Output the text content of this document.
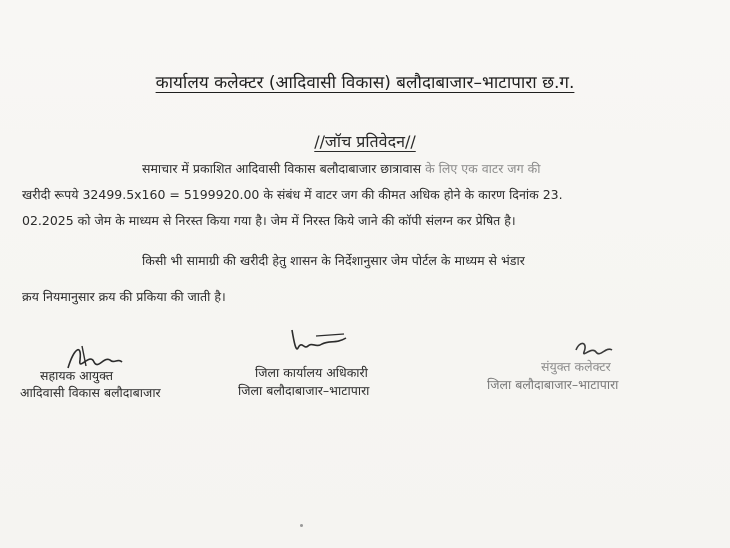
कार्यालय कलेक्टर (आदिवासी विकास) बलौदाबाजार–भाटापारा छ.ग.
//जॉच प्रतिवेदन//
समाचार में प्रकाशित आदिवासी विकास बलौदाबाजार छात्रावास के लिए एक वाटर जग की
खरीदी रूपये 32499.5x160 = 5199920.00 के संबंध में वाटर जग की कीमत अधिक होने के कारण दिनांक 23.
02.2025 को जेम के माध्यम से निरस्त किया गया है। जेम में निरस्त किये जाने की कॉपी संलग्न कर प्रेषित है।
किसी भी सामाग्री की खरीदी हेतु शासन के निर्देशानुसार जेम पोर्टल के माध्यम से भंडार
क्रय नियमानुसार क्रय की प्रकिया की जाती है।
सहायक आयुक्त
आदिवासी विकास बलौदाबाजार
जिला कार्यालय अधिकारी
जिला बलौदाबाजार–भाटापारा
संयुक्त कलेक्टर
जिला बलौदाबाजार–भाटापारा
